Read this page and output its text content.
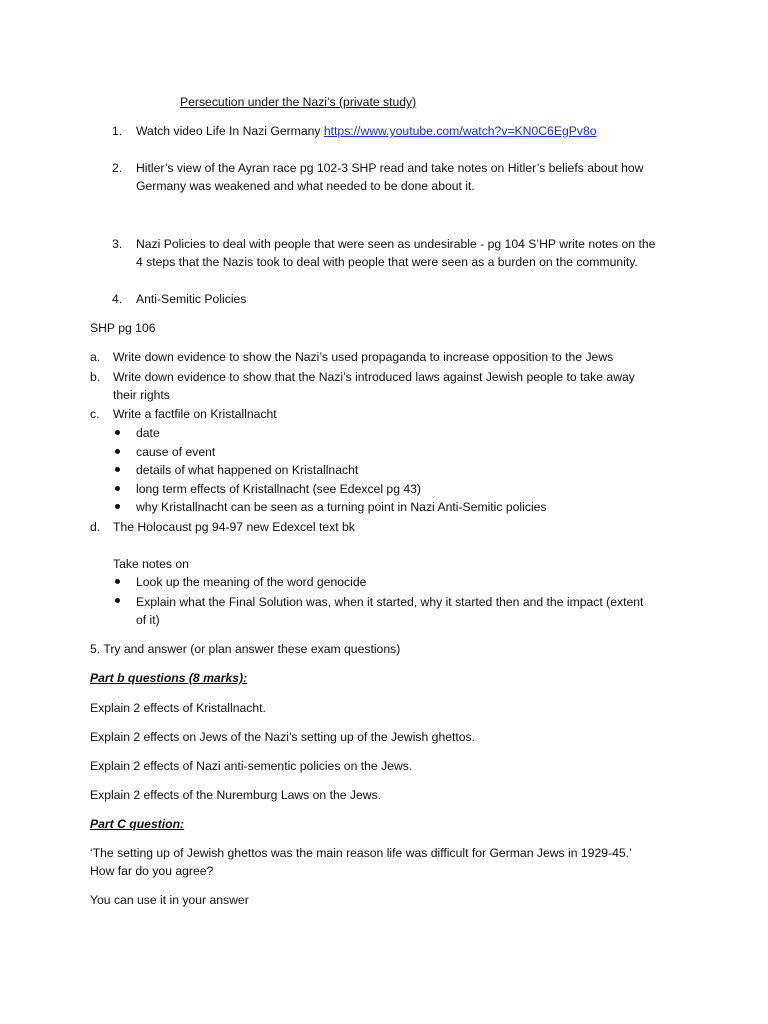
Persecution under the Nazi’s (private study)
1. Watch video Life In Nazi Germany https://www.youtube.com/watch?v=KN0C6EgPv8o
2. Hitler’s view of the Ayran race pg 102-3 SHP read and take notes on Hitler’s beliefs about how
Germany was weakened and what needed to be done about it.
3. Nazi Policies to deal with people that were seen as undesirable - pg 104 S’HP write notes on the
4 steps that the Nazis took to deal with people that were seen as a burden on the community.
4. Anti-Semitic Policies
SHP pg 106
a. Write down evidence to show the Nazi’s used propaganda to increase opposition to the Jews
b. Write down evidence to show that the Nazi’s introduced laws against Jewish people to take away
their rights
c. Write a factfile on Kristallnacht
date
cause of event
details of what happened on Kristallnacht
long term effects of Kristallnacht (see Edexcel pg 43)
why Kristallnacht can be seen as a turning point in Nazi Anti-Semitic policies
d. The Holocaust pg 94-97 new Edexcel text bk
Take notes on
Look up the meaning of the word genocide
Explain what the Final Solution was, when it started, why it started then and the impact (extent
of it)
5. Try and answer (or plan answer these exam questions)
Part b questions (8 marks):
Explain 2 effects of Kristallnacht.
Explain 2 effects on Jews of the Nazi’s setting up of the Jewish ghettos.
Explain 2 effects of Nazi anti-sementic policies on the Jews.
Explain 2 effects of the Nuremburg Laws on the Jews.
Part C question:
‘The setting up of Jewish ghettos was the main reason life was difficult for German Jews in 1929-45.’
How far do you agree?
You can use it in your answer
